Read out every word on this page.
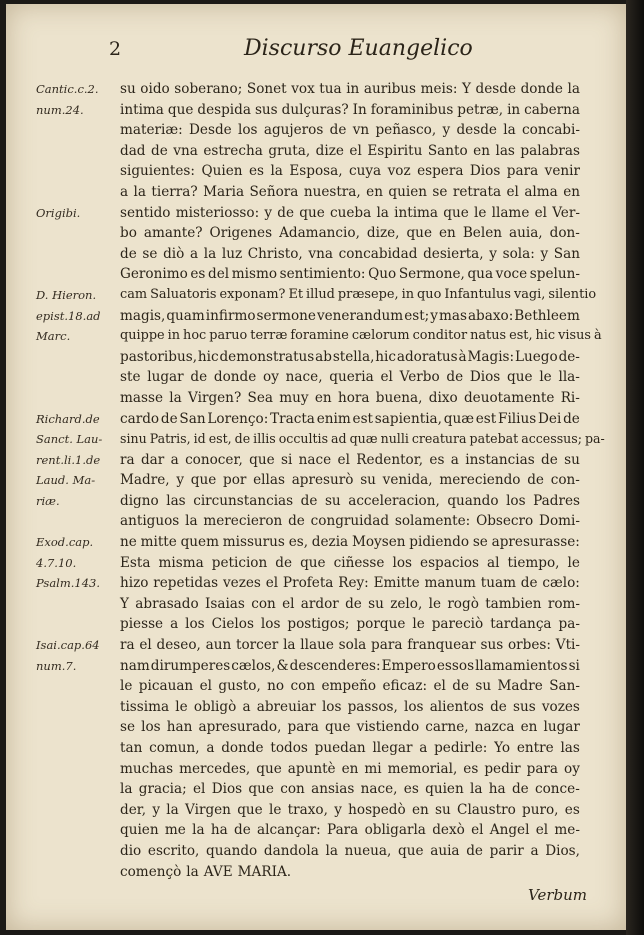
2	Discurso Euangelico
Cantic.c.2.
num.24.
Origibi.
D. Hieron.
epist.18.ad
Marc.
Richard.de
Sanct. Lau-
rent.li.1.de
Laud. Ma-
riæ.
Exod.cap.
4.7.10.
Psalm.143.
Isai.cap.64
num.7.
su oido soberano; Sonet vox tua in auribus meis: Y desde donde la
intima que despida sus dulçuras? In foraminibus petræ, in caberna
materiæ: Desde los agujeros de vn peñasco, y desde la concabi-
dad de vna estrecha gruta, dize el Espiritu Santo en las palabras
siguientes: Quien es la Esposa, cuya voz espera Dios para venir
a la tierra? Maria Señora nuestra, en quien se retrata el alma en
sentido misteriosso: y de que cueba la intima que le llame el Ver-
bo amante? Origenes Adamancio, dize, que en Belen auia, don-
de se diò a la luz Christo, vna concabidad desierta, y sola: y San
Geronimo es del mismo sentimiento: Quo Sermone, qua voce spelun-
cam Saluatoris exponam? Et illud præsepe, in quo Infantulus vagi, silentio
magis, quam infirmo sermone venerandum est; y mas abaxo: Bethleem
quippe in hoc paruo terræ foramine cælorum conditor natus est, hic visus à
pastoribus, hic demonstratus ab stella, hic adoratus à Magis: Luego de-
ste lugar de donde oy nace, queria el Verbo de Dios que le lla-
masse la Virgen? Sea muy en hora buena, dixo deuotamente Ri-
cardo de San Lorenço: Tracta enim est sapientia, quæ est Filius Dei de
sinu Patris, id est, de illis occultis ad quæ nulli creatura patebat accessus; pa-
ra dar a conocer, que si nace el Redentor, es a instancias de su
Madre, y que por ellas apresurò su venida, mereciendo de con-
digno las circunstancias de su acceleracion, quando los Padres
antiguos la merecieron de congruidad solamente: Obsecro Domi-
ne mitte quem missurus es, dezia Moysen pidiendo se apresurasse:
Esta misma peticion de que ciñesse los espacios al tiempo, le
hizo repetidas vezes el Profeta Rey: Emitte manum tuam de cælo:
Y abrasado Isaias con el ardor de su zelo, le rogò tambien rom-
piesse a los Cielos los postigos; porque le pareciò tardança pa-
ra el deseo, aun torcer la llaue sola para franquear sus orbes: Vti-
nam dirumperes cælos, & descenderes: Empero essos llamamientos si
le picauan el gusto, no con empeño eficaz: el de su Madre San-
tissima le obligò a abreuiar los passos, los alientos de sus vozes
se los han apresurado, para que vistiendo carne, nazca en lugar
tan comun, a donde todos puedan llegar a pedirle: Yo entre las
muchas mercedes, que apuntè en mi memorial, es pedir para oy
la gracia; el Dios que con ansias nace, es quien la ha de conce-
der, y la Virgen que le traxo, y hospedò en su Claustro puro, es
quien me la ha de alcançar: Para obligarla dexò el Angel el me-
dio escrito, quando dandola la nueua, que auia de parir a Dios,
començò la AVE MARIA.
Verbum
